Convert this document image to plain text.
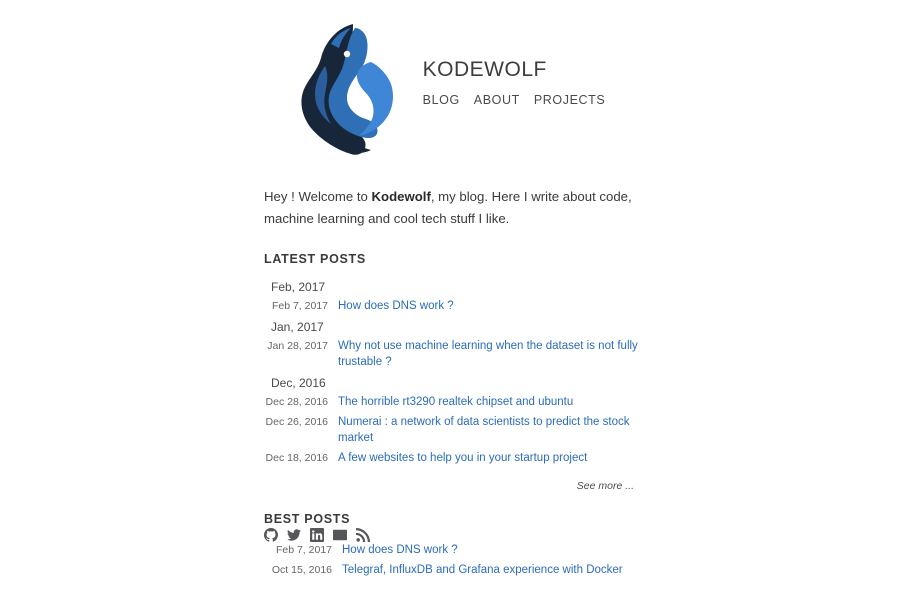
KODEWOLF
BLOG ABOUT PROJECTS

Hey ! Welcome to Kodewolf, my blog. Here I write about code, machine learning and cool tech stuff I like.

LATEST POSTS
Feb, 2017
Feb 7, 2017 How does DNS work ?
Jan, 2017
Jan 28, 2017 Why not use machine learning when the dataset is not fully trustable ?
Dec, 2016
Dec 28, 2016 The horrible rt3290 realtek chipset and ubuntu
Dec 26, 2016 Numerai : a network of data scientists to predict the stock market
Dec 18, 2016 A few websites to help you in your startup project
See more ...
BEST POSTS
Feb 7, 2017 How does DNS work ?
Oct 15, 2016 Telegraf, InfluxDB and Grafana experience with Docker
